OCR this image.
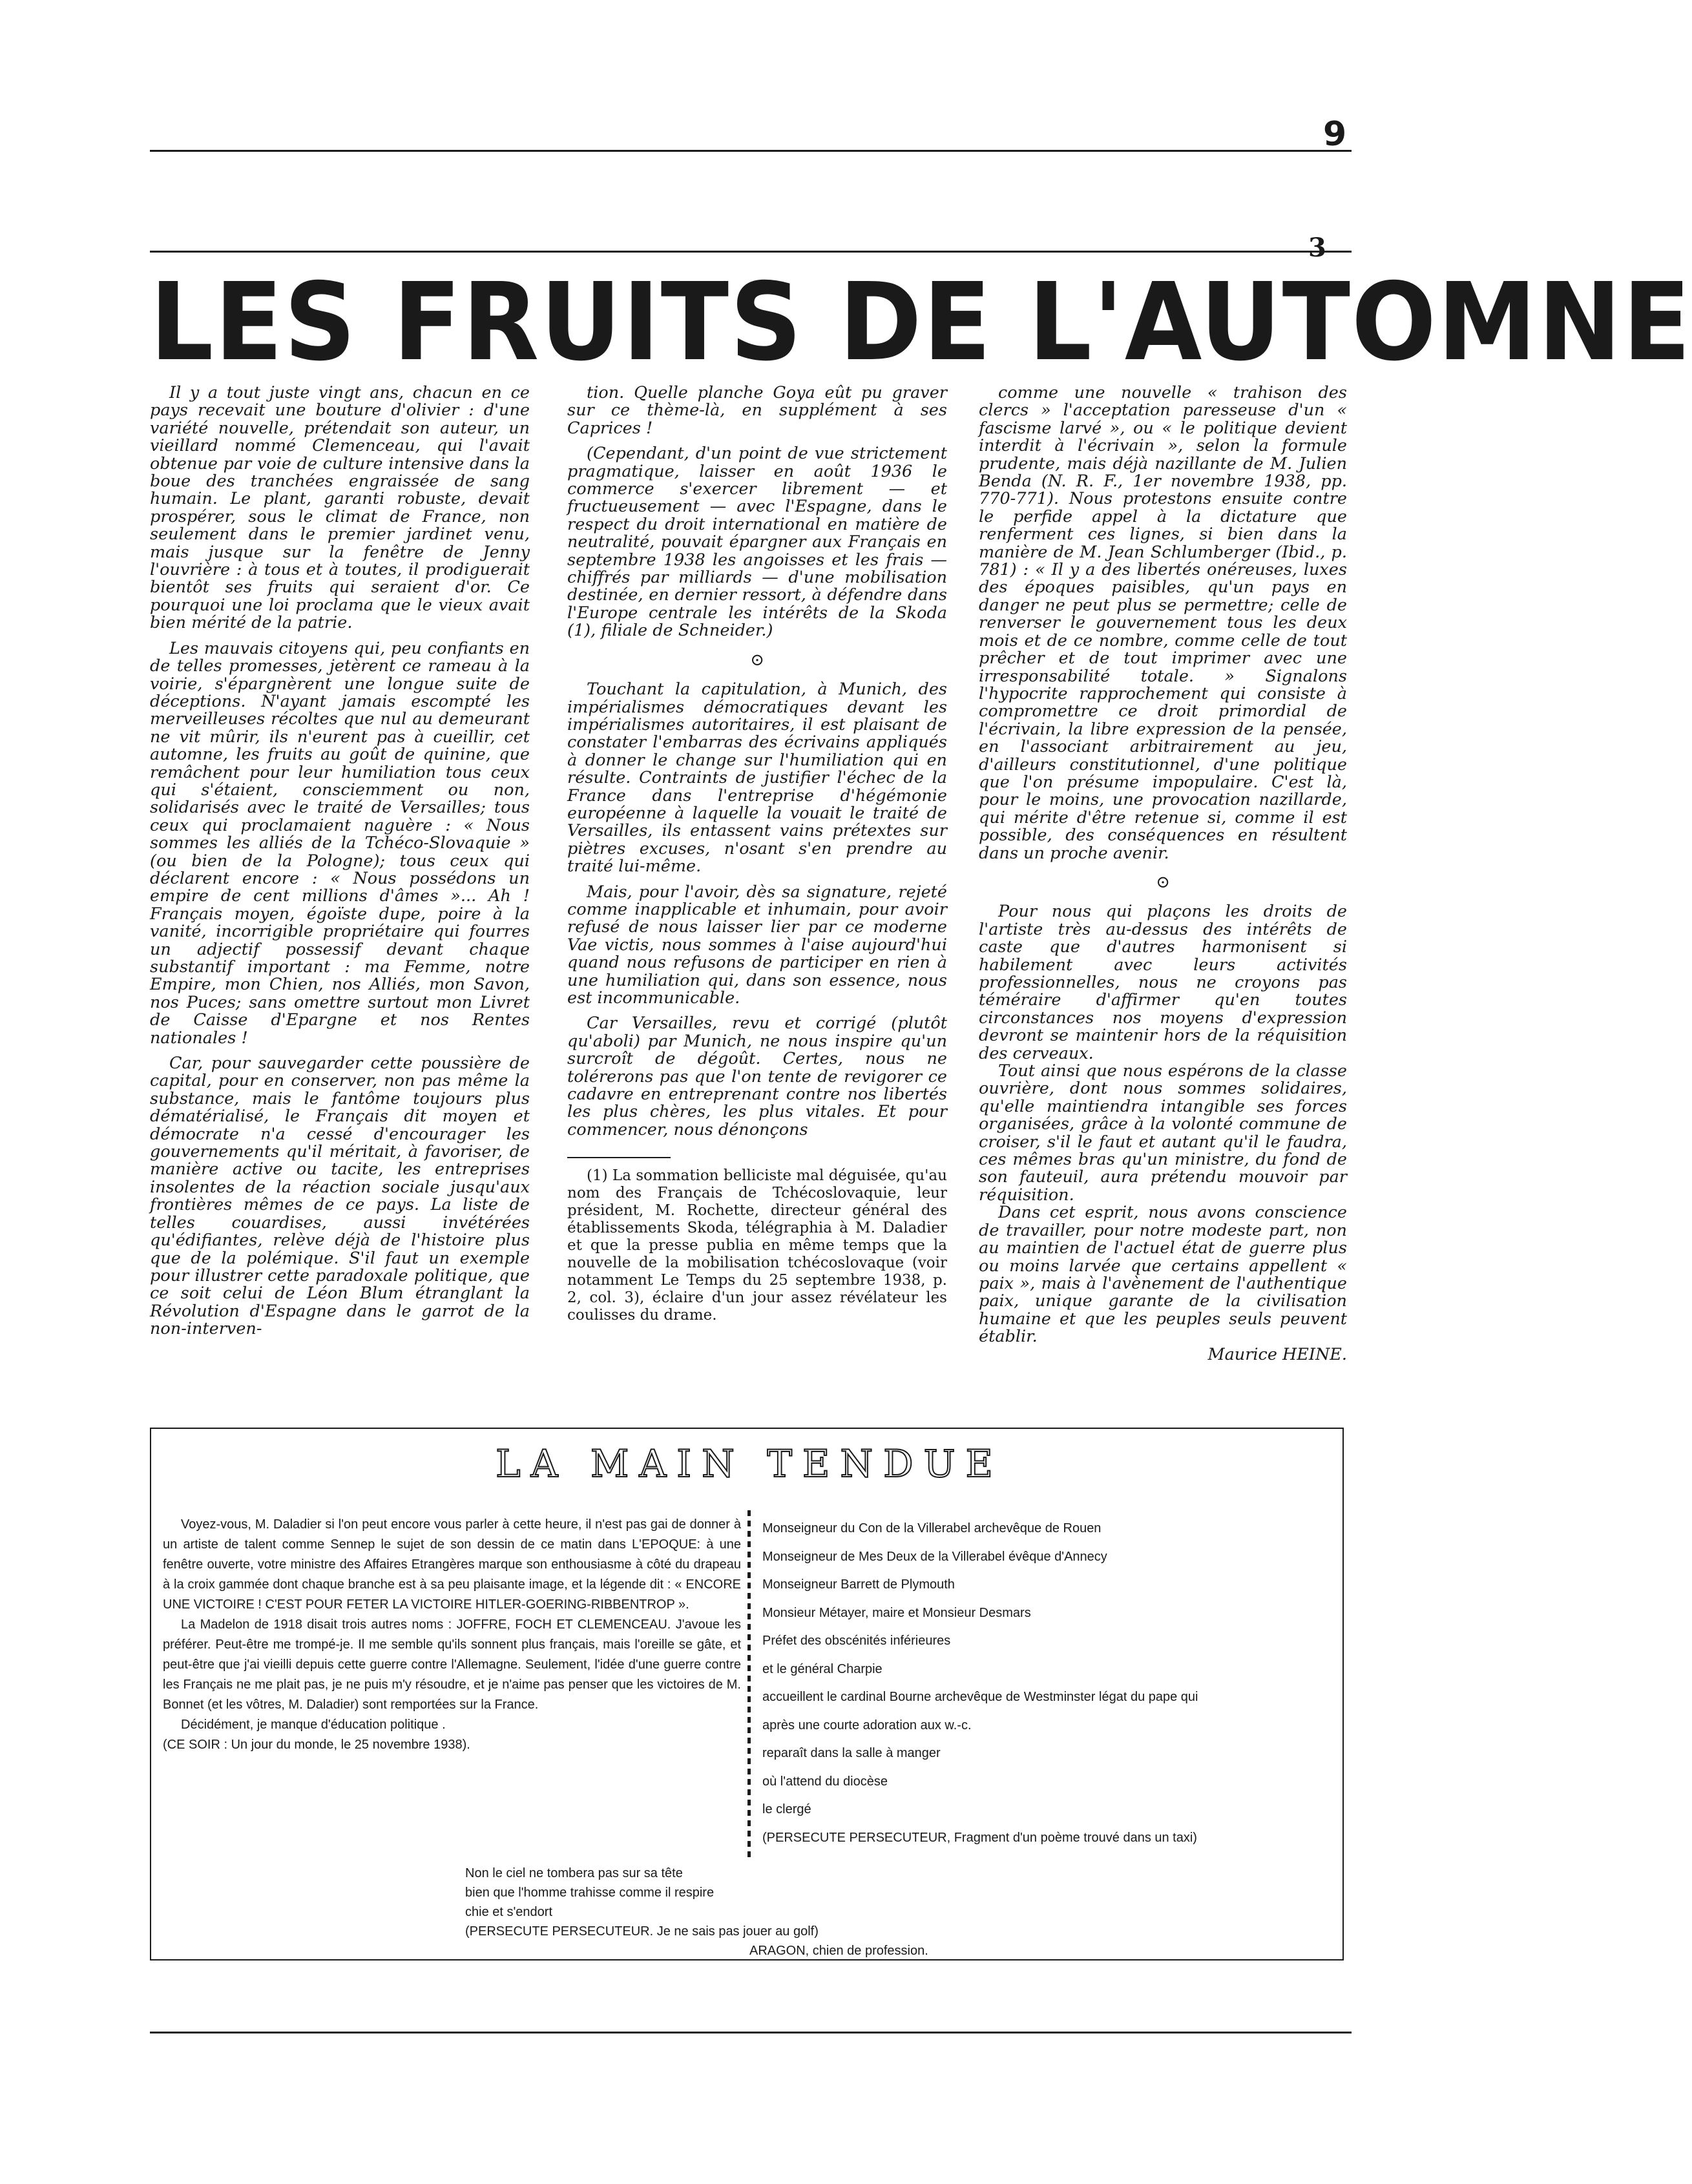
9
3
LES FRUITS DE L'AUTOMNE

Il y a tout juste vingt ans, chacun en ce pays recevait une bouture d'olivier : d'une variété nouvelle, prétendait son auteur, un vieillard nommé Clemenceau, qui l'avait obtenue par voie de culture intensive dans la boue des tranchées engraissée de sang humain. Le plant, garanti robuste, devait prospérer, sous le climat de France, non seulement dans le premier jardinet venu, mais jusque sur la fenêtre de Jenny l'ouvrière : à tous et à toutes, il prodiguerait bientôt ses fruits qui seraient d'or. Ce pourquoi une loi proclama que le vieux avait bien mérité de la patrie.

Les mauvais citoyens qui, peu confiants en de telles promesses, jetèrent ce rameau à la voirie, s'épargnèrent une longue suite de déceptions. N'ayant jamais escompté les merveilleuses récoltes que nul au demeurant ne vit mûrir, ils n'eurent pas à cueillir, cet automne, les fruits au goût de quinine, que remâchent pour leur humiliation tous ceux qui s'étaient, consciemment ou non, solidarisés avec le traité de Versailles; tous ceux qui proclamaient naguère : « Nous sommes les alliés de la Tchéco-Slovaquie » (ou bien de la Pologne); tous ceux qui déclarent encore : « Nous possédons un empire de cent millions d'âmes »... Ah ! Français moyen, égoïste dupe, poire à la vanité, incorrigible propriétaire qui fourres un adjectif possessif devant chaque substantif important : ma Femme, notre Empire, mon Chien, nos Alliés, mon Savon, nos Puces; sans omettre surtout mon Livret de Caisse d'Epargne et nos Rentes nationales !

Car, pour sauvegarder cette poussière de capital, pour en conserver, non pas même la substance, mais le fantôme toujours plus dématérialisé, le Français dit moyen et démocrate n'a cessé d'encourager les gouvernements qu'il méritait, à favoriser, de manière active ou tacite, les entreprises insolentes de la réaction sociale jusqu'aux frontières mêmes de ce pays. La liste de telles couardises, aussi invétérées qu'édifiantes, relève déjà de l'histoire plus que de la polémique. S'il faut un exemple pour illustrer cette paradoxale politique, que ce soit celui de Léon Blum étranglant la Révolution d'Espagne dans le garrot de la non-interven-

tion. Quelle planche Goya eût pu graver sur ce thème-là, en supplément à ses Caprices !

(Cependant, d'un point de vue strictement pragmatique, laisser en août 1936 le commerce s'exercer librement — et fructueusement — avec l'Espagne, dans le respect du droit international en matière de neutralité, pouvait épargner aux Français en septembre 1938 les angoisses et les frais — chiffrés par milliards — d'une mobilisation destinée, en dernier ressort, à défendre dans l'Europe centrale les intérêts de la Skoda (1), filiale de Schneider.)

⊙

Touchant la capitulation, à Munich, des impérialismes démocratiques devant les impérialismes autoritaires, il est plaisant de constater l'embarras des écrivains appliqués à donner le change sur l'humiliation qui en résulte. Contraints de justifier l'échec de la France dans l'entreprise d'hégémonie européenne à laquelle la vouait le traité de Versailles, ils entassent vains prétextes sur piètres excuses, n'osant s'en prendre au traité lui-même.

Mais, pour l'avoir, dès sa signature, rejeté comme inapplicable et inhumain, pour avoir refusé de nous laisser lier par ce moderne Vae victis, nous sommes à l'aise aujourd'hui quand nous refusons de participer en rien à une humiliation qui, dans son essence, nous est incommunicable.

Car Versailles, revu et corrigé (plutôt qu'aboli) par Munich, ne nous inspire qu'un surcroît de dégoût. Certes, nous ne tolérerons pas que l'on tente de revigorer ce cadavre en entreprenant contre nos libertés les plus chères, les plus vitales. Et pour commencer, nous dénonçons

(1) La sommation belliciste mal déguisée, qu'au nom des Français de Tchécoslovaquie, leur président, M. Rochette, directeur général des établissements Skoda, télégraphia à M. Daladier et que la presse publia en même temps que la nouvelle de la mobilisation tchécoslovaque (voir notamment Le Temps du 25 septembre 1938, p. 2, col. 3), éclaire d'un jour assez révélateur les coulisses du drame.

comme une nouvelle « trahison des clercs » l'acceptation paresseuse d'un « fascisme larvé », ou « le politique devient interdit à l'écrivain », selon la formule prudente, mais déjà nazillante de M. Julien Benda (N. R. F., 1er novembre 1938, pp. 770-771). Nous protestons ensuite contre le perfide appel à la dictature que renferment ces lignes, si bien dans la manière de M. Jean Schlumberger (Ibid., p. 781) : « Il y a des libertés onéreuses, luxes des époques paisibles, qu'un pays en danger ne peut plus se permettre; celle de renverser le gouvernement tous les deux mois et de ce nombre, comme celle de tout prêcher et de tout imprimer avec une irresponsabilité totale. » Signalons l'hypocrite rapprochement qui consiste à compromettre ce droit primordial de l'écrivain, la libre expression de la pensée, en l'associant arbitrairement au jeu, d'ailleurs constitutionnel, d'une politique que l'on présume impopulaire. C'est là, pour le moins, une provocation nazillarde, qui mérite d'être retenue si, comme il est possible, des conséquences en résultent dans un proche avenir.

⊙

Pour nous qui plaçons les droits de l'artiste très au-dessus des intérêts de caste que d'autres harmonisent si habilement avec leurs activités professionnelles, nous ne croyons pas téméraire d'affirmer qu'en toutes circonstances nos moyens d'expression devront se maintenir hors de la réquisition des cerveaux.

Tout ainsi que nous espérons de la classe ouvrière, dont nous sommes solidaires, qu'elle maintiendra intangible ses forces organisées, grâce à la volonté commune de croiser, s'il le faut et autant qu'il le faudra, ces mêmes bras qu'un ministre, du fond de son fauteuil, aura prétendu mouvoir par réquisition.

Dans cet esprit, nous avons conscience de travailler, pour notre modeste part, non au maintien de l'actuel état de guerre plus ou moins larvée que certains appellent « paix », mais à l'avènement de l'authentique paix, unique garante de la civilisation humaine et que les peuples seuls peuvent établir.

Maurice HEINE.

LA MAIN TENDUE

Voyez-vous, M. Daladier si l'on peut encore vous parler à cette heure, il n'est pas gai de donner à un artiste de talent comme Sennep le sujet de son dessin de ce matin dans L'EPOQUE: à une fenêtre ouverte, votre ministre des Affaires Etrangères marque son enthousiasme à côté du drapeau à la croix gammée dont chaque branche est à sa peu plaisante image, et la légende dit : « ENCORE UNE VICTOIRE ! C'EST POUR FETER LA VICTOIRE HITLER-GOERING-RIBBENTROP ».

La Madelon de 1918 disait trois autres noms : JOFFRE, FOCH ET CLEMENCEAU. J'avoue les préférer. Peut-être me trompé-je. Il me semble qu'ils sonnent plus français, mais l'oreille se gâte, et peut-être que j'ai vieilli depuis cette guerre contre l'Allemagne. Seulement, l'idée d'une guerre contre les Français ne me plait pas, je ne puis m'y résoudre, et je n'aime pas penser que les victoires de M. Bonnet (et les vôtres, M. Daladier) sont remportées sur la France.

Décidément, je manque d'éducation politique .

(CE SOIR : Un jour du monde, le 25 novembre 1938).

Monseigneur du Con de la Villerabel archevêque de Rouen
Monseigneur de Mes Deux de la Villerabel évêque d'Annecy
Monseigneur Barrett de Plymouth
Monsieur Métayer, maire et Monsieur Desmars
Préfet des obscénités inférieures
et le général Charpie
accueillent le cardinal Bourne archevêque de Westminster légat du pape qui
après une courte adoration aux w.-c.
reparaît dans la salle à manger
où l'attend du diocèse
le clergé
(PERSECUTE PERSECUTEUR, Fragment d'un poème trouvé dans un taxi)
Non le ciel ne tombera pas sur sa tête
bien que l'homme trahisse comme il respire
chie et s'endort
(PERSECUTE PERSECUTEUR. Je ne sais pas jouer au golf)
ARAGON, chien de profession.
